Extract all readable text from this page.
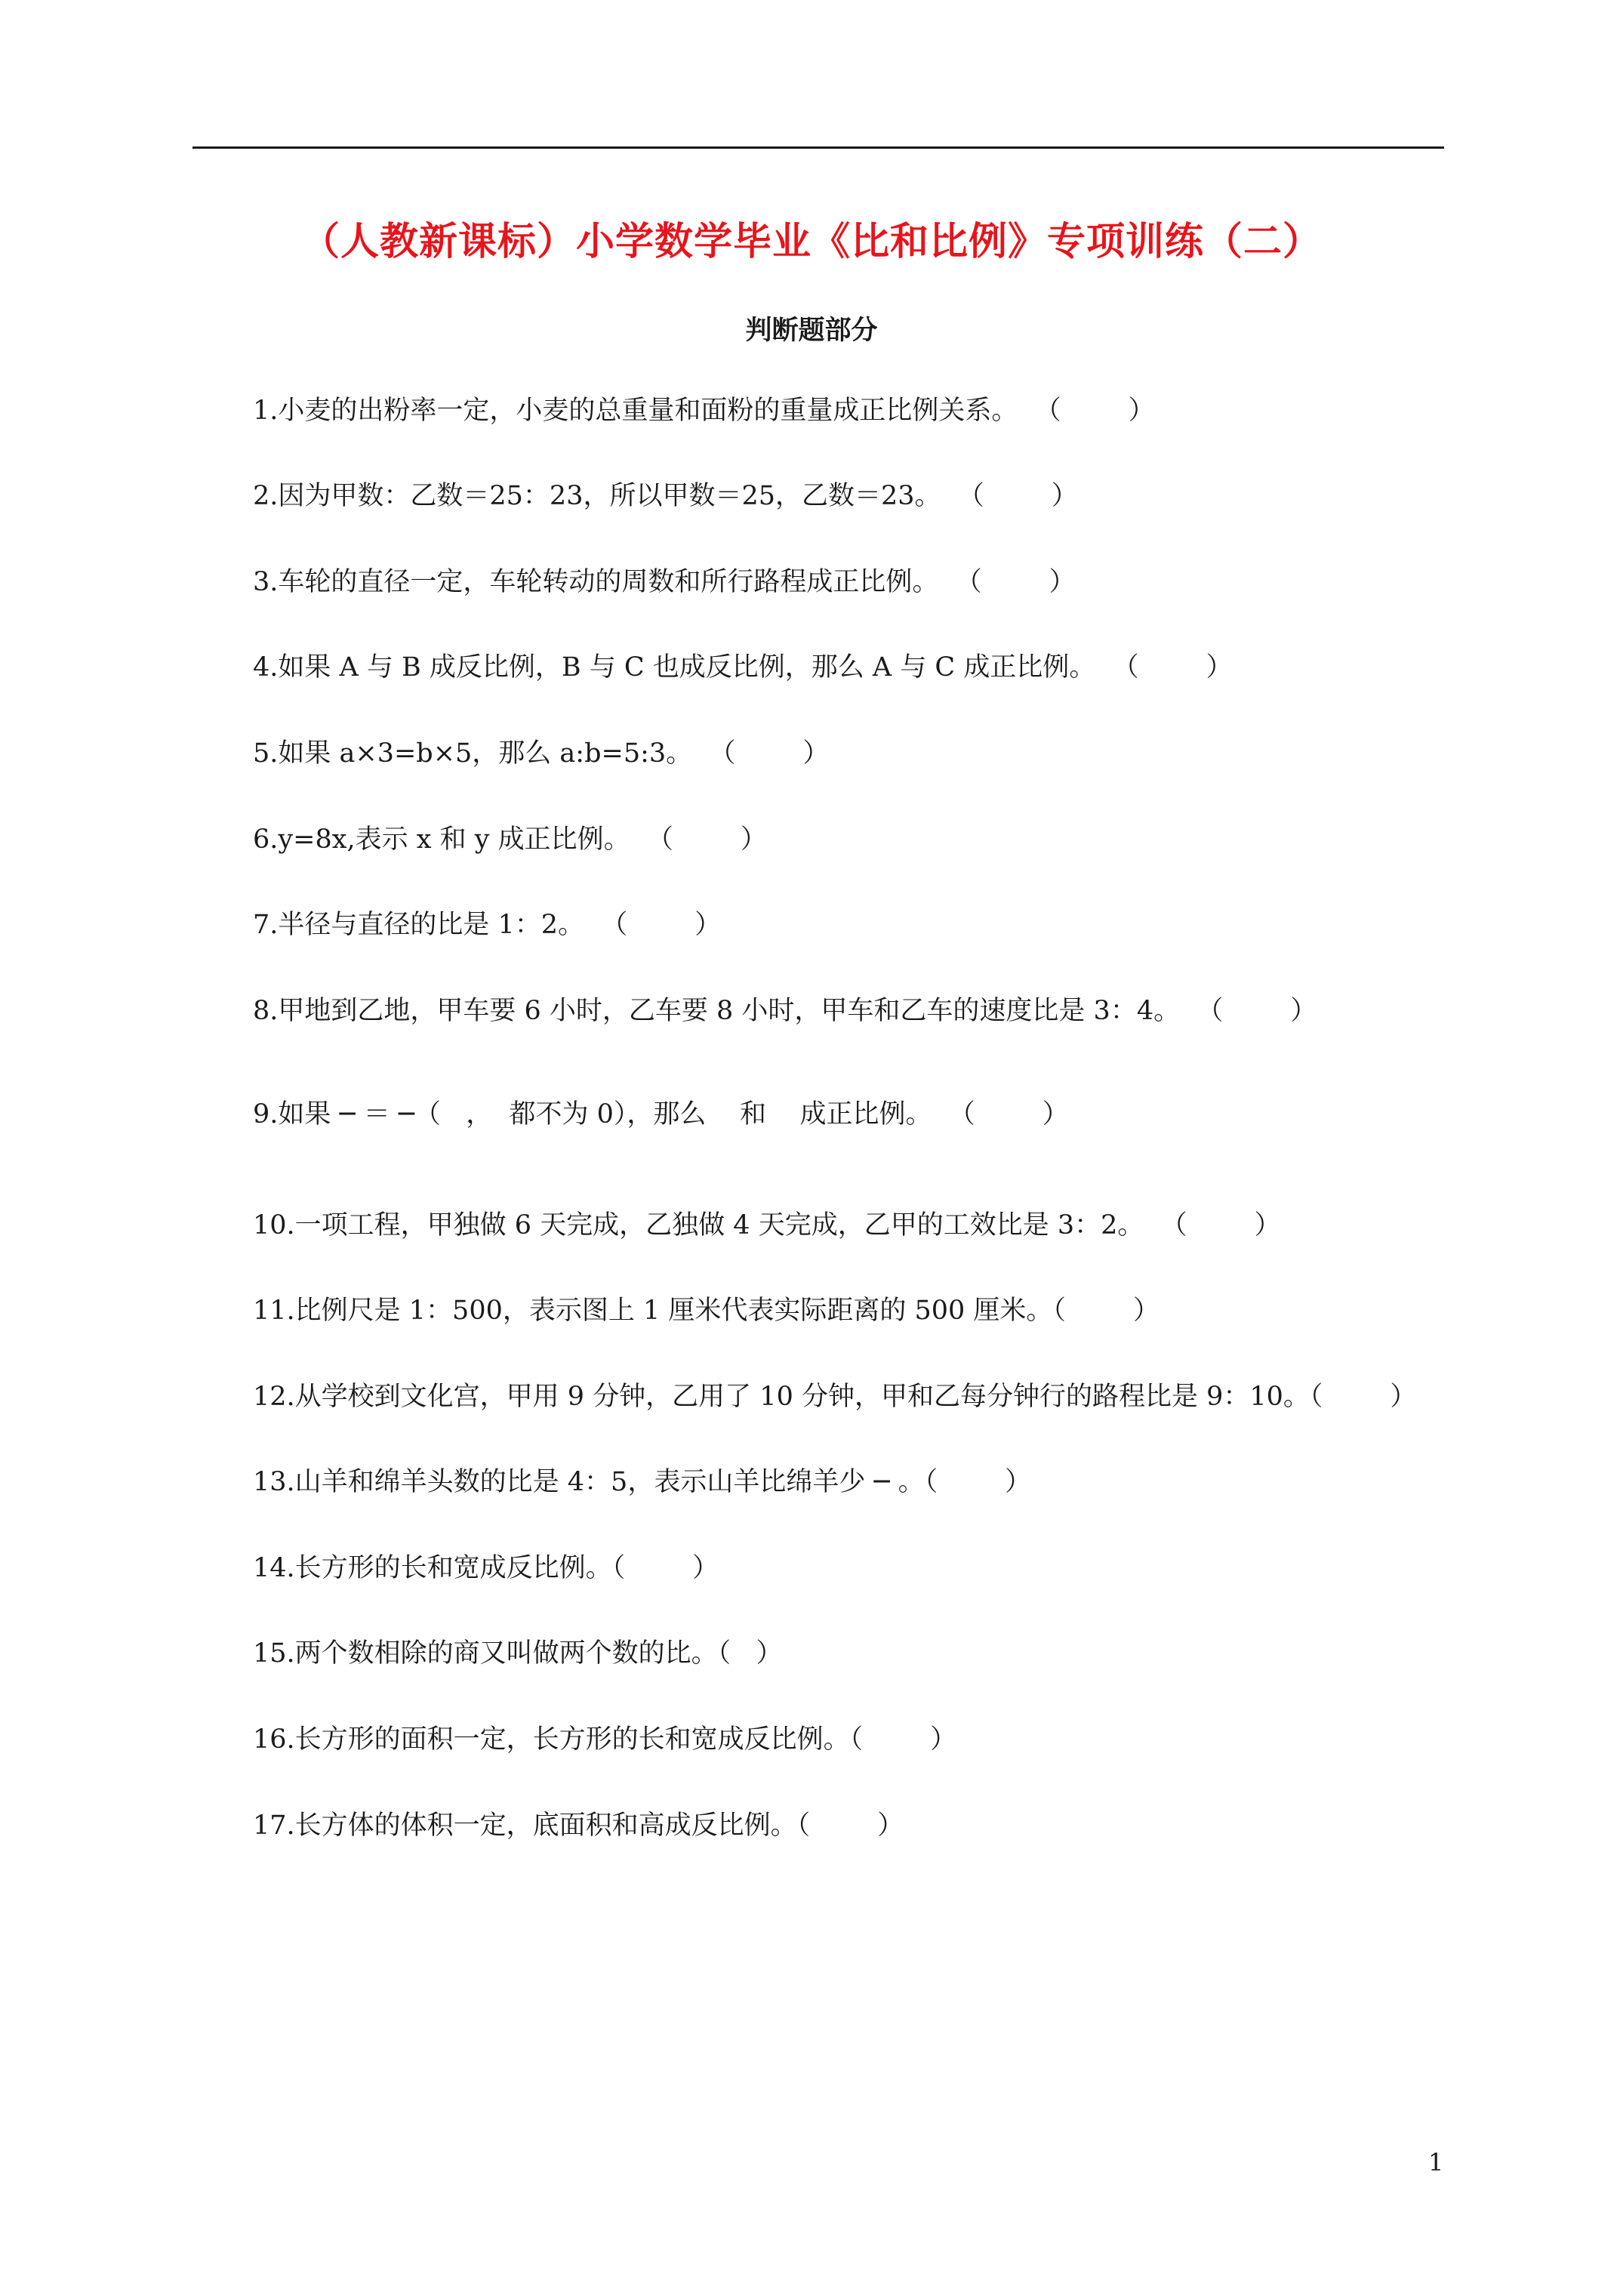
（人教新课标）小学数学毕业《比和比例》专项训练（二）
判断题部分
1.小麦的出粉率一定，小麦的总重量和面粉的重量成正比例关系。  （        ）
2.因为甲数：乙数＝25：23，所以甲数＝25，乙数＝23。  （        ）
3.车轮的直径一定，车轮转动的周数和所行路程成正比例。  （        ）
4.如果 A 与 B 成反比例，B 与 C 也成反比例，那么 A 与 C 成正比例。  （        ）
5.如果 a×3=b×5，那么 a:b=5:3。  （        ）
6.y=8x,表示 x 和 y 成正比例。  （        ）
7.半径与直径的比是 1：2。  （        ）
8.甲地到乙地，甲车要 6 小时，乙车要 8 小时，甲车和乙车的速度比是 3：4。  （        ）
9.如果 ─ ＝ ─（   ，  都不为 0），那么    和    成正比例。  （        ）
10.一项工程，甲独做 6 天完成，乙独做 4 天完成，乙甲的工效比是 3：2。  （        ）
11.比例尺是 1：500，表示图上 1 厘米代表实际距离的 500 厘米。（        ）
12.从学校到文化宫，甲用 9 分钟，乙用了 10 分钟，甲和乙每分钟行的路程比是 9：10。（        ）
13.山羊和绵羊头数的比是 4：5，表示山羊比绵羊少 ─ 。（        ）
14.长方形的长和宽成反比例。（        ）
15.两个数相除的商又叫做两个数的比。（   ）
16.长方形的面积一定，长方形的长和宽成反比例。（        ）
17.长方体的体积一定，底面积和高成反比例。（        ）
1
